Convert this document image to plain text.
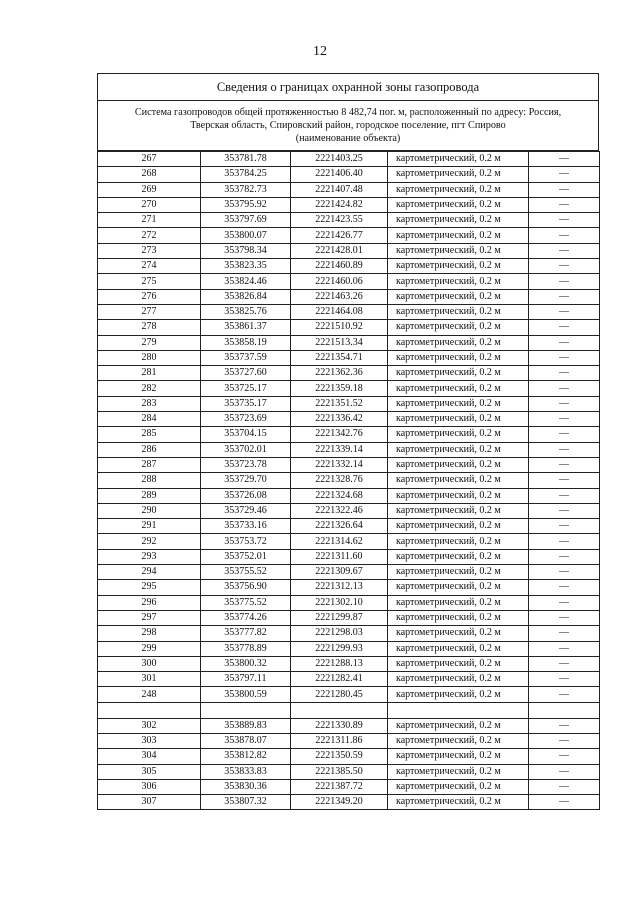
12
Сведения о границах охранной зоны газопровода
Система газопроводов общей протяженностью 8 482,74 пог. м, расположенный по адресу: Россия,
Тверская область, Спировский район, городское поселение, пгт Спирово
(наименование объекта)
267	353781.78	2221403.25	картометрический, 0.2 м	—
268	353784.25	2221406.40	картометрический, 0.2 м	—
269	353782.73	2221407.48	картометрический, 0.2 м	—
270	353795.92	2221424.82	картометрический, 0.2 м	—
271	353797.69	2221423.55	картометрический, 0.2 м	—
272	353800.07	2221426.77	картометрический, 0.2 м	—
273	353798.34	2221428.01	картометрический, 0.2 м	—
274	353823.35	2221460.89	картометрический, 0.2 м	—
275	353824.46	2221460.06	картометрический, 0.2 м	—
276	353826.84	2221463.26	картометрический, 0.2 м	—
277	353825.76	2221464.08	картометрический, 0.2 м	—
278	353861.37	2221510.92	картометрический, 0.2 м	—
279	353858.19	2221513.34	картометрический, 0.2 м	—
280	353737.59	2221354.71	картометрический, 0.2 м	—
281	353727.60	2221362.36	картометрический, 0.2 м	—
282	353725.17	2221359.18	картометрический, 0.2 м	—
283	353735.17	2221351.52	картометрический, 0.2 м	—
284	353723.69	2221336.42	картометрический, 0.2 м	—
285	353704.15	2221342.76	картометрический, 0.2 м	—
286	353702.01	2221339.14	картометрический, 0.2 м	—
287	353723.78	2221332.14	картометрический, 0.2 м	—
288	353729.70	2221328.76	картометрический, 0.2 м	—
289	353726.08	2221324.68	картометрический, 0.2 м	—
290	353729.46	2221322.46	картометрический, 0.2 м	—
291	353733.16	2221326.64	картометрический, 0.2 м	—
292	353753.72	2221314.62	картометрический, 0.2 м	—
293	353752.01	2221311.60	картометрический, 0.2 м	—
294	353755.52	2221309.67	картометрический, 0.2 м	—
295	353756.90	2221312.13	картометрический, 0.2 м	—
296	353775.52	2221302.10	картометрический, 0.2 м	—
297	353774.26	2221299.87	картометрический, 0.2 м	—
298	353777.82	2221298.03	картометрический, 0.2 м	—
299	353778.89	2221299.93	картометрический, 0.2 м	—
300	353800.32	2221288.13	картометрический, 0.2 м	—
301	353797.11	2221282.41	картометрический, 0.2 м	—
248	353800.59	2221280.45	картометрический, 0.2 м	—

302	353889.83	2221330.89	картометрический, 0.2 м	—
303	353878.07	2221311.86	картометрический, 0.2 м	—
304	353812.82	2221350.59	картометрический, 0.2 м	—
305	353833.83	2221385.50	картометрический, 0.2 м	—
306	353830.36	2221387.72	картометрический, 0.2 м	—
307	353807.32	2221349.20	картометрический, 0.2 м	—
